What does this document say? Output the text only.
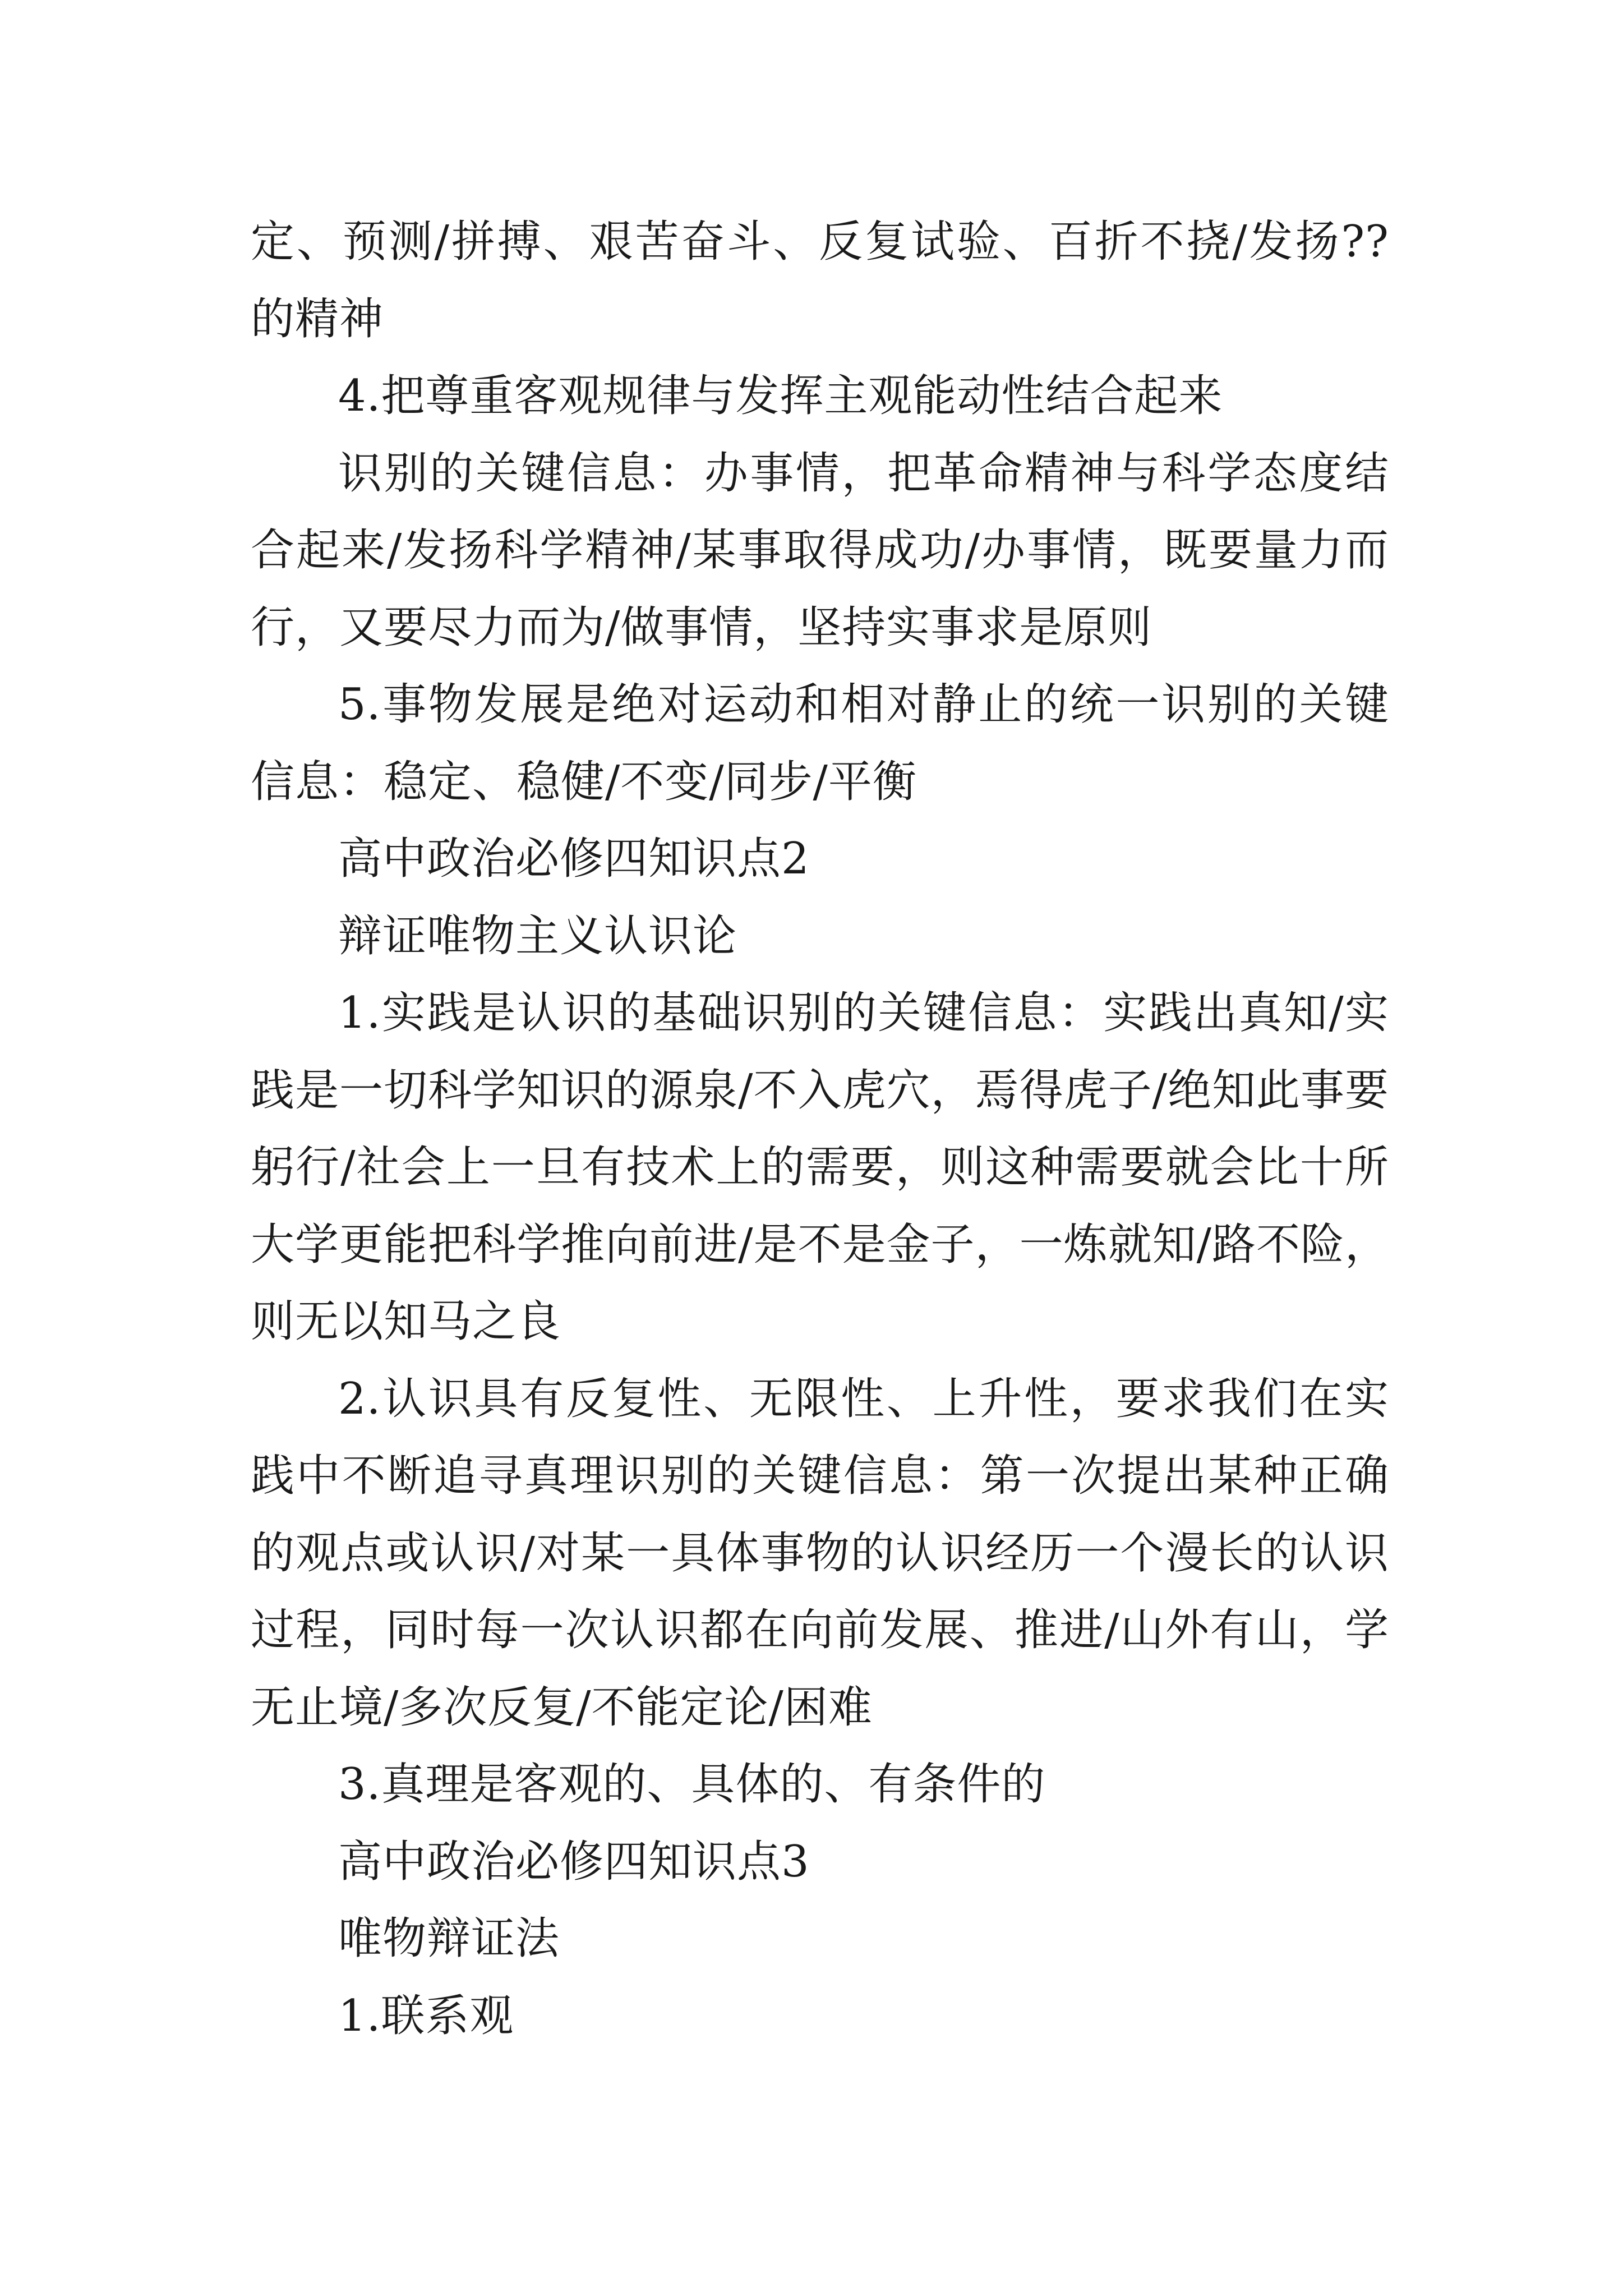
定、预测/拼搏、艰苦奋斗、反复试验、百折不挠/发扬??的精神

4.把尊重客观规律与发挥主观能动性结合起来

识别的关键信息：办事情，把革命精神与科学态度结合起来/发扬科学精神/某事取得成功/办事情，既要量力而行，又要尽力而为/做事情，坚持实事求是原则

5.事物发展是绝对运动和相对静止的统一识别的关键信息：稳定、稳健/不变/同步/平衡

高中政治必修四知识点2

辩证唯物主义认识论

1.实践是认识的基础识别的关键信息：实践出真知/实践是一切科学知识的源泉/不入虎穴，焉得虎子/绝知此事要躬行/社会上一旦有技术上的需要，则这种需要就会比十所大学更能把科学推向前进/是不是金子，一炼就知/路不险，则无以知马之良

2.认识具有反复性、无限性、上升性，要求我们在实践中不断追寻真理识别的关键信息：第一次提出某种正确的观点或认识/对某一具体事物的认识经历一个漫长的认识过程，同时每一次认识都在向前发展、推进/山外有山，学无止境/多次反复/不能定论/困难

3.真理是客观的、具体的、有条件的

高中政治必修四知识点3

唯物辩证法

1.联系观
